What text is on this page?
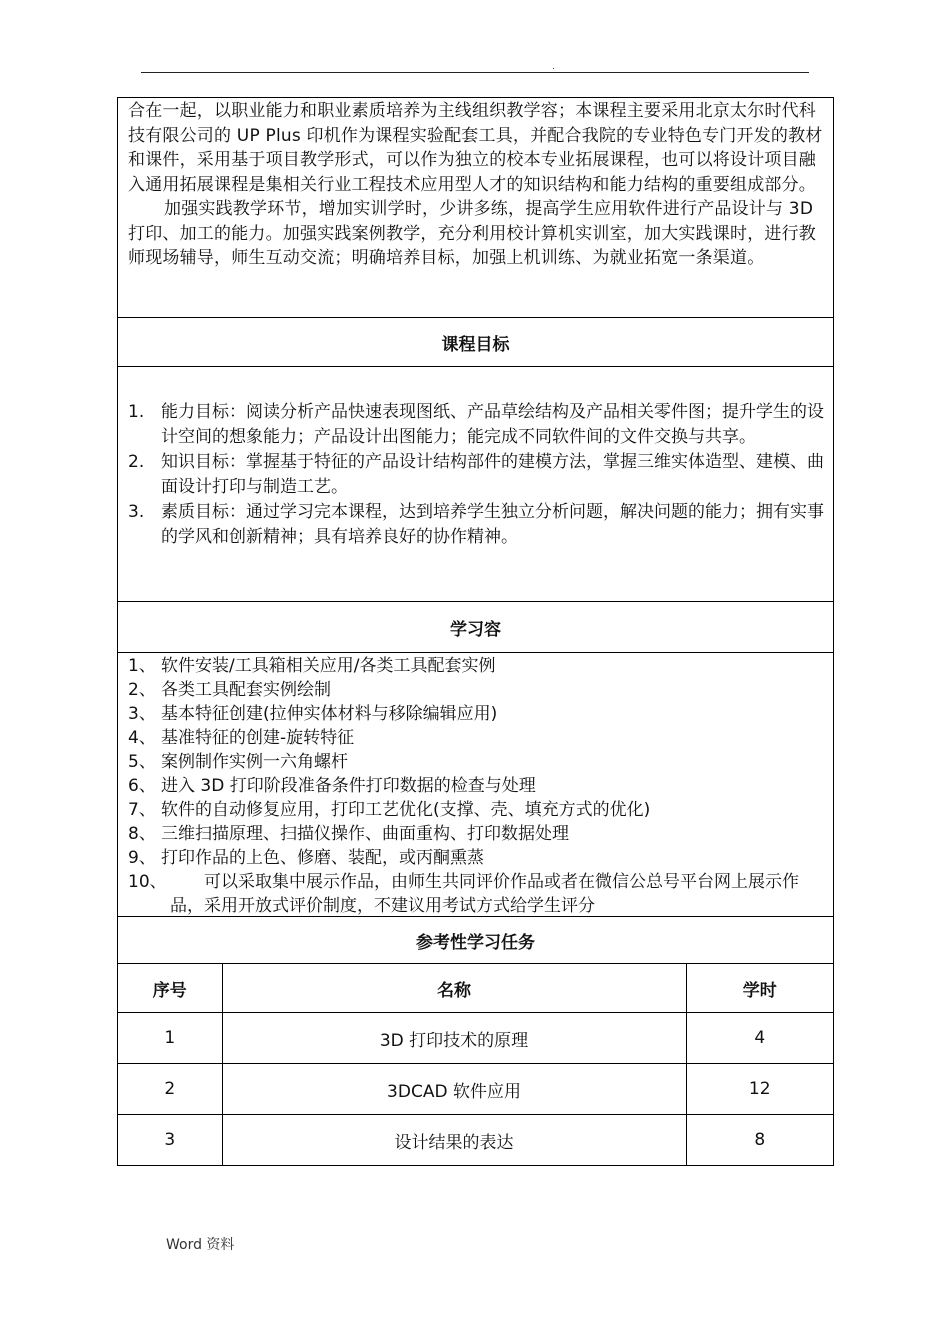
.

合在一起，以职业能力和职业素质培养为主线组织教学容；本课程主要采用北京太尔时代科技有限公司的 UP Plus 印机作为课程实验配套工具，并配合我院的专业特色专门开发的教材和课件，采用基于项目教学形式，可以作为独立的校本专业拓展课程，也可以将设计项目融入通用拓展课程是集相关行业工程技术应用型人才的知识结构和能力结构的重要组成部分。

加强实践教学环节，增加实训学时，少讲多练，提高学生应用软件进行产品设计与 3D 打印、加工的能力。加强实践案例教学，充分利用校计算机实训室，加大实践课时，进行教师现场辅导，师生互动交流；明确培养目标，加强上机训练、为就业拓宽一条渠道。

课程目标
1. 能力目标：阅读分析产品快速表现图纸、产品草绘结构及产品相关零件图；提升学生的设计空间的想象能力；产品设计出图能力；能完成不同软件间的文件交换与共享。
2. 知识目标：掌握基于特征的产品设计结构部件的建模方法，掌握三维实体造型、建模、曲面设计打印与制造工艺。
3. 素质目标：通过学习完本课程，达到培养学生独立分析问题，解决问题的能力；拥有实事的学风和创新精神；具有培养良好的协作精神。
学习容
1、 软件安装/工具箱相关应用/各类工具配套实例
2、 各类工具配套实例绘制
3、 基本特征创建(拉伸实体材料与移除编辑应用)
4、 基准特征的创建-旋转特征
5、 案例制作实例一六角螺杆
6、 进入 3D 打印阶段准备条件打印数据的检查与处理
7、 软件的自动修复应用，打印工艺优化(支撑、壳、填充方式的优化)
8、 三维扫描原理、扫描仪操作、曲面重构、打印数据处理
9、 打印作品的上色、修磨、装配，或丙酮熏蒸
10、	可以采取集中展示作品，由师生共同评价作品或者在微信公总号平台网上展示作品，采用开放式评价制度，不建议用考试方式给学生评分
参考性学习任务
序号	名称	学时
1	3D 打印技术的原理	4
2	3DCAD 软件应用	12
3	设计结果的表达	8
Word 资料
